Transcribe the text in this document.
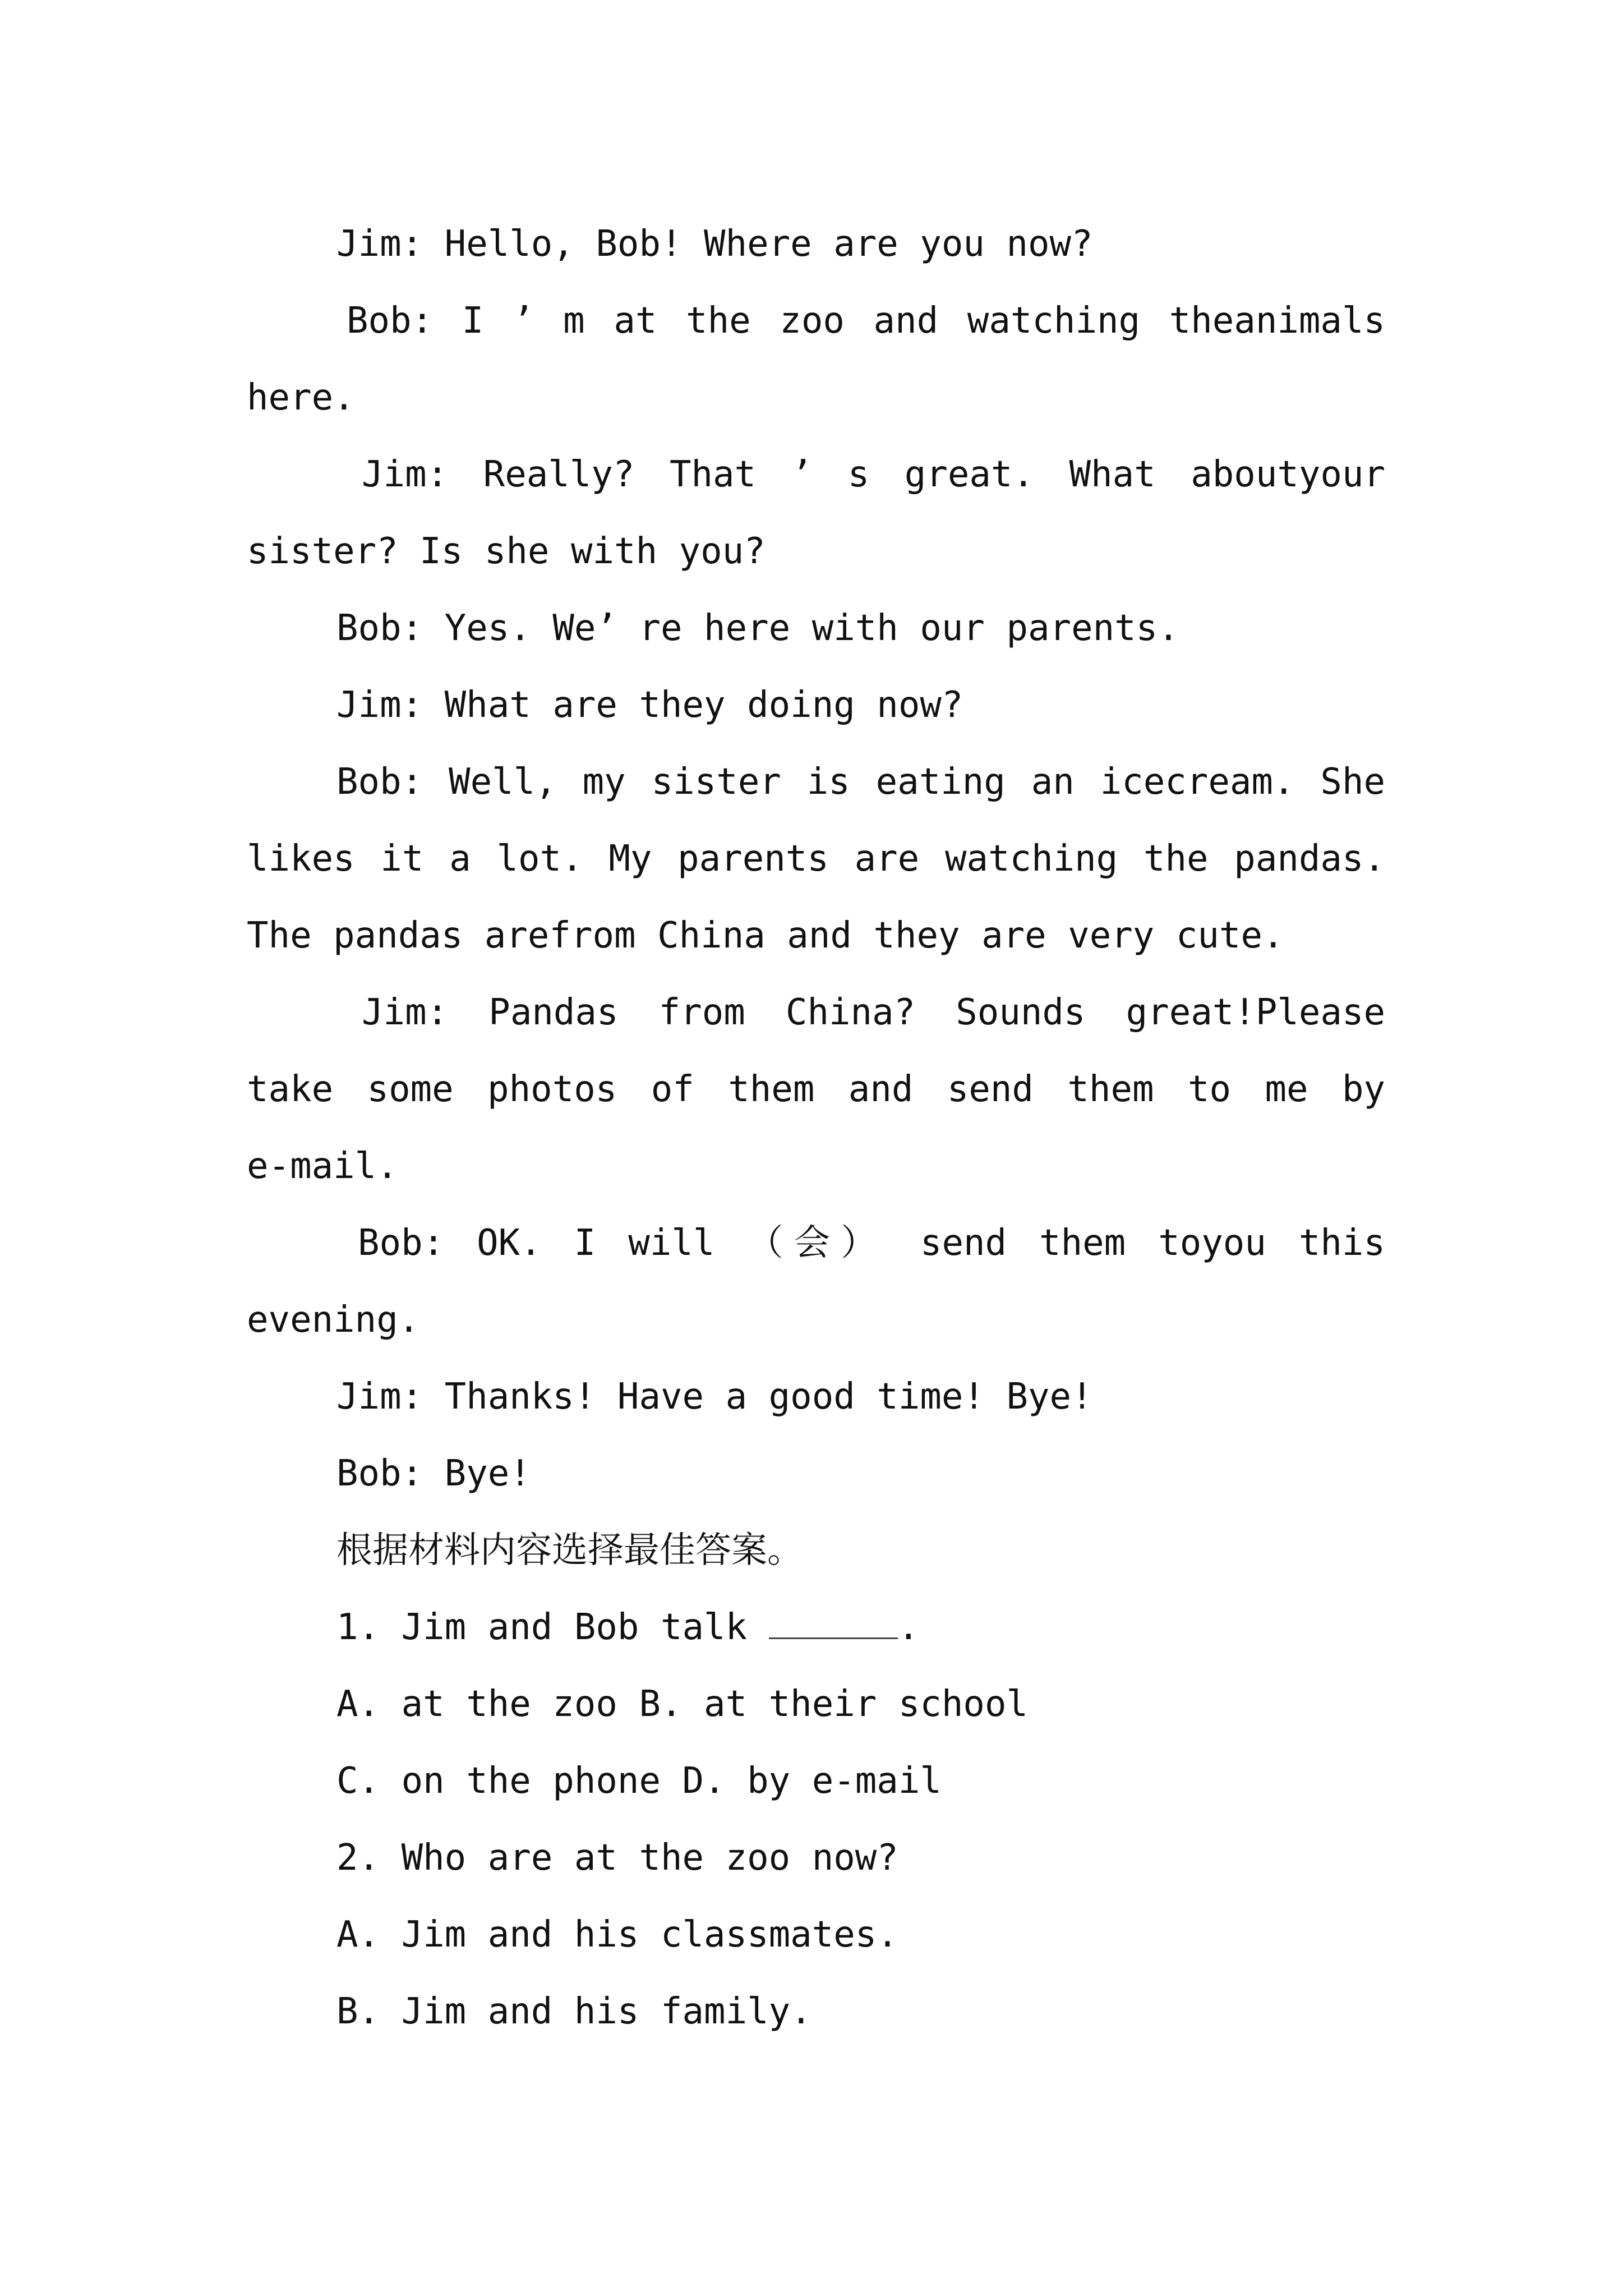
Jim: Hello, Bob! Where are you now?
Bob: I ’ m at the zoo and watching theanimals
here.
Jim: Really? That ’ s great. What aboutyour
sister? Is she with you?
Bob: Yes. We’ re here with our parents.
Jim: What are they doing now?
Bob: Well, my sister is eating an icecream. She
likes it a lot. My parents are watching the pandas.
The pandas arefrom China and they are very cute.
Jim: Pandas from China? Sounds great!Please
take some photos of them and send them to me by
e-mail.
Bob: OK. I will （会） send them toyou this
evening.
Jim: Thanks! Have a good time! Bye!
Bob: Bye!
根据材料内容选择最佳答案。
1. Jim and Bob talk	.
A. at the zoo B. at their school
C. on the phone D. by e-mail
2. Who are at the zoo now?
A. Jim and his classmates.
B. Jim and his family.
